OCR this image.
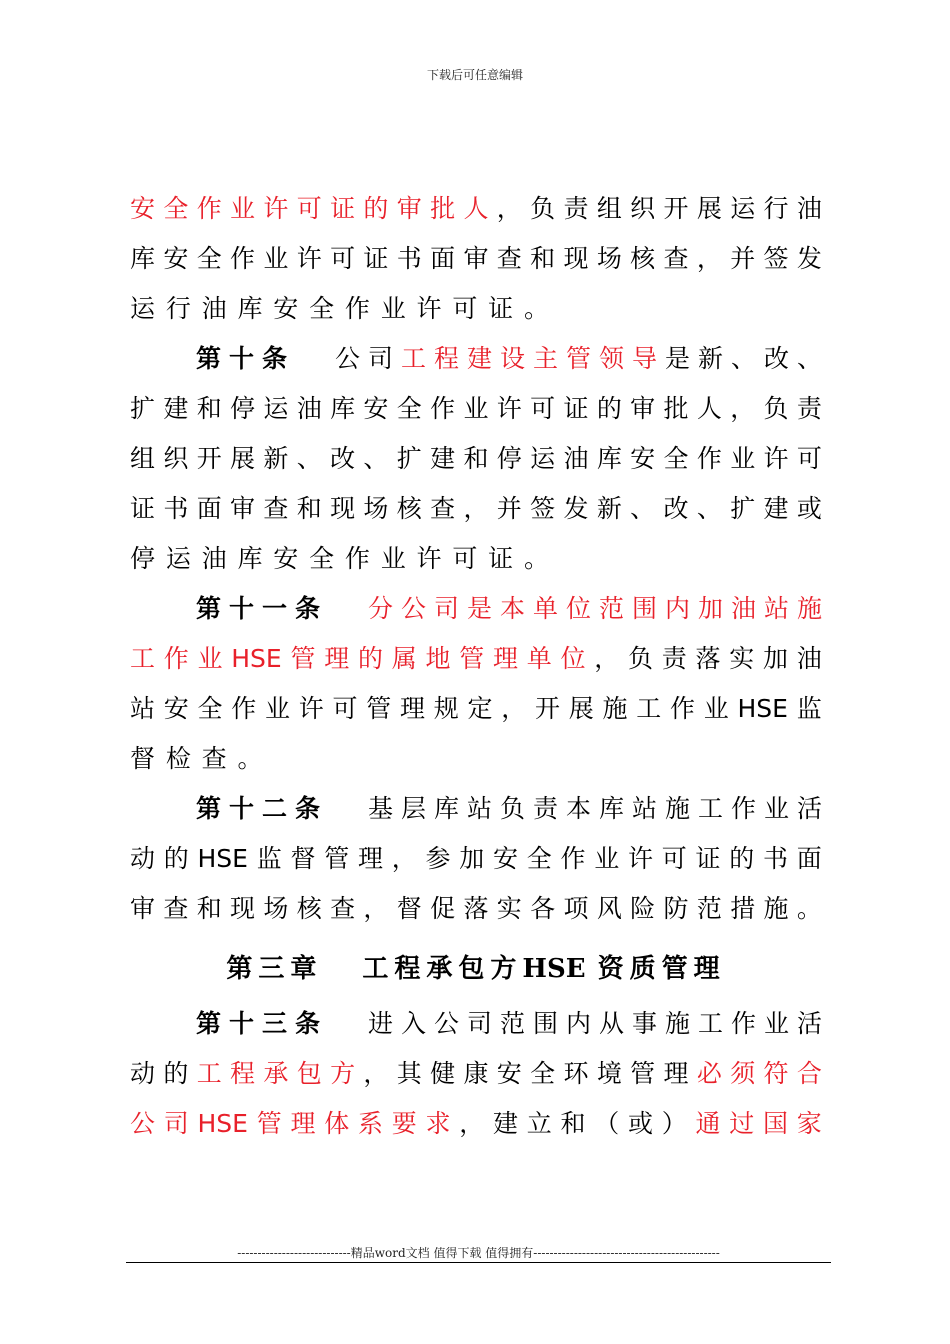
下载后可任意编辑
安 全 作 业 许 可 证 的 审 批 人 ， 负 责 组 织 开 展 运 行 油
库 安 全 作 业 许 可 证 书 面 审 查 和 现 场 核 查 ， 并 签 发
运 行 油 库 安 全 作 业 许 可 证 。
第 十 条 公 司 工 程 建 设 主 管 领 导 是 新 、 改 、
扩 建 和 停 运 油 库 安 全 作 业 许 可 证 的 审 批 人 ， 负 责
组 织 开 展 新 、 改 、 扩 建 和 停 运 油 库 安 全 作 业 许 可
证 书 面 审 查 和 现 场 核 查 ， 并 签 发 新 、 改 、 扩 建 或
停 运 油 库 安 全 作 业 许 可 证 。
第 十 一 条 分 公 司 是 本 单 位 范 围 内 加 油 站 施
工 作 业 HSE 管 理 的 属 地 管 理 单 位 ， 负 责 落 实 加 油
站 安 全 作 业 许 可 管 理 规 定 ， 开 展 施 工 作 业 HSE 监
督 检 查 。
第 十 二 条 基 层 库 站 负 责 本 库 站 施 工 作 业 活
动 的 HSE 监 督 管 理 ， 参 加 安 全 作 业 许 可 证 的 书 面
审 查 和 现 场 核 查 ， 督 促 落 实 各 项 风 险 防 范 措 施 。
第三章 工程承包方HSE 资质管理
第 十 三 条 进 入 公 司 范 围 内 从 事 施 工 作 业 活
动 的 工 程 承 包 方 ， 其 健 康 安 全 环 境 管 理 必 须 符 合
公 司 HSE 管 理 体 系 要 求 ， 建 立 和 （ 或 ） 通 过 国 家
----------------------------精品word文档 值得下载 值得拥有----------------------------------------------
